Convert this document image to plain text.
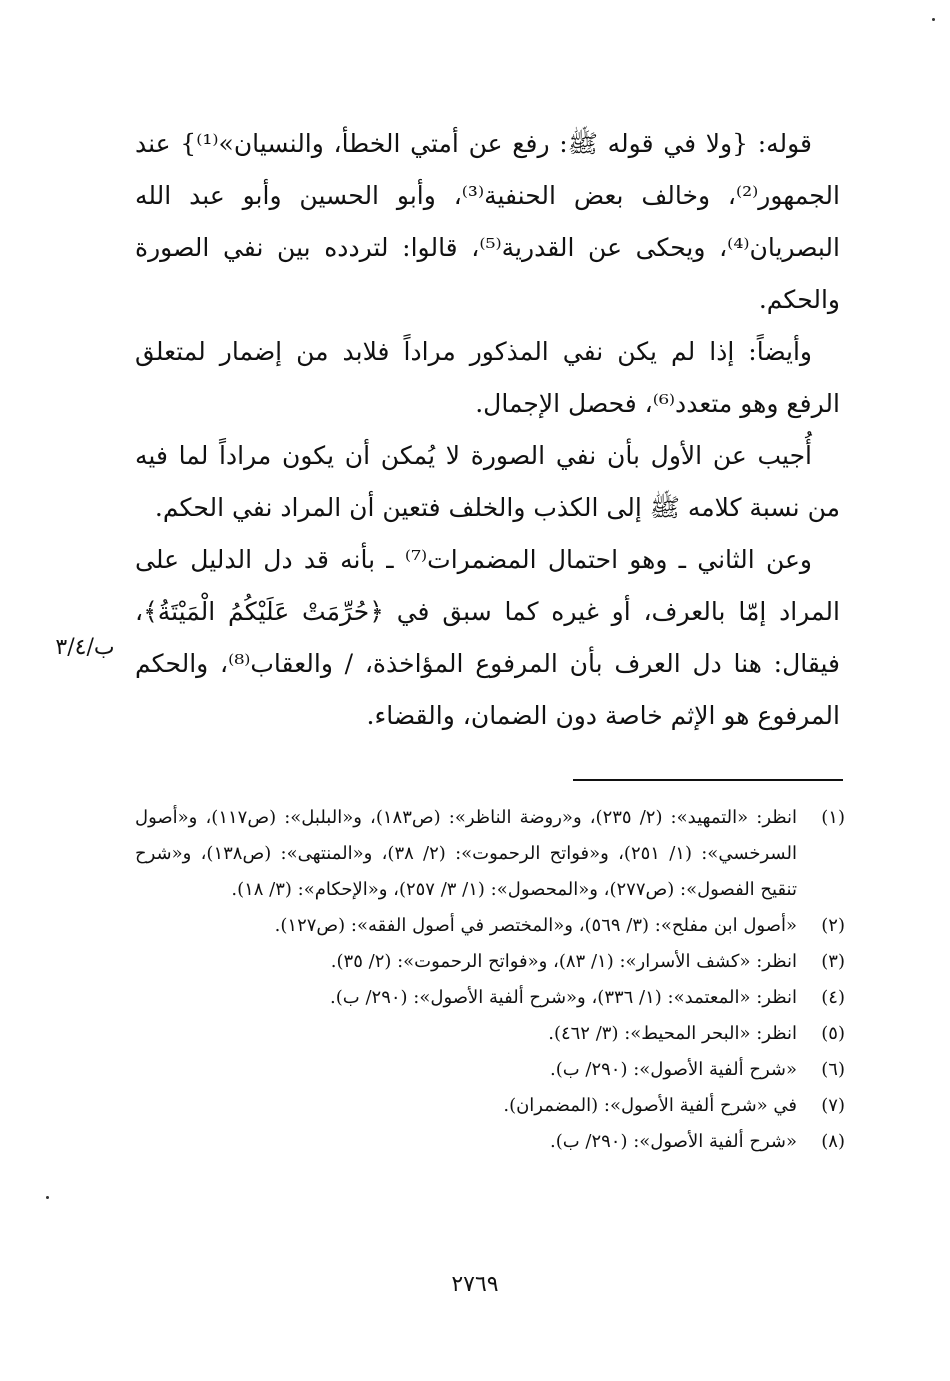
قوله: {ولا في قوله ﷺ: رفع عن أمتي الخطأ، والنسيان»⁽¹⁾} عند الجمهور⁽²⁾، وخالف بعض الحنفية⁽³⁾، وأبو الحسين وأبو عبد الله البصريان⁽⁴⁾، ويحكى عن القدرية⁽⁵⁾، قالوا: لتردده بين نفي الصورة والحكم.

وأيضاً: إذا لم يكن نفي المذكور مراداً فلابد من إضمار لمتعلق الرفع وهو متعدد⁽⁶⁾، فحصل الإجمال.

أُجيب عن الأول بأن نفي الصورة لا يُمكن أن يكون مراداً لما فيه من نسبة كلامه ﷺ إلى الكذب والخلف فتعين أن المراد نفي الحكم.

وعن الثاني ـ وهو احتمال المضمرات⁽⁷⁾ ـ بأنه قد دل الدليل على المراد إمّا بالعرف، أو غيره كما سبق في ﴿حُرِّمَتْ عَلَيْكُمُ الْمَيْتَةُ﴾، فيقال: هنا دل العرف بأن المرفوع المؤاخذة، / والعقاب⁽⁸⁾، والحكم المرفوع هو الإثم خاصة دون الضمان، والقضاء.

ب/٣/٤
(١)
انظر: «التمهيد»: (٢/ ٢٣٥)، و«روضة الناظر»: (ص١٨٣)، و«البلبل»: (ص١١٧)، و«أصول السرخسي»: (١/ ٢٥١)، و«فواتح الرحموت»: (٢/ ٣٨)، و«المنتهى»: (ص١٣٨)، و«شرح تنقيح الفصول»: (ص٢٧٧)، و«المحصول»: (١/ ٣/ ٢٥٧)، و«الإحكام»: (٣/ ١٨).
(٢)
«أصول ابن مفلح»: (٣/ ٥٦٩)، و«المختصر في أصول الفقه»: (ص١٢٧).
(٣)
انظر: «كشف الأسرار»: (١/ ٨٣)، و«فواتح الرحموت»: (٢/ ٣٥).
(٤)
انظر: «المعتمد»: (١/ ٣٣٦)، و«شرح ألفية الأصول»: (٢٩٠/ ب).
(٥)
انظر: «البحر المحيط»: (٣/ ٤٦٢).
(٦)
«شرح ألفية الأصول»: (٢٩٠/ ب).
(٧)
في «شرح ألفية الأصول»: (المضمران).
(٨)
«شرح ألفية الأصول»: (٢٩٠/ ب).
٢٧٦٩
